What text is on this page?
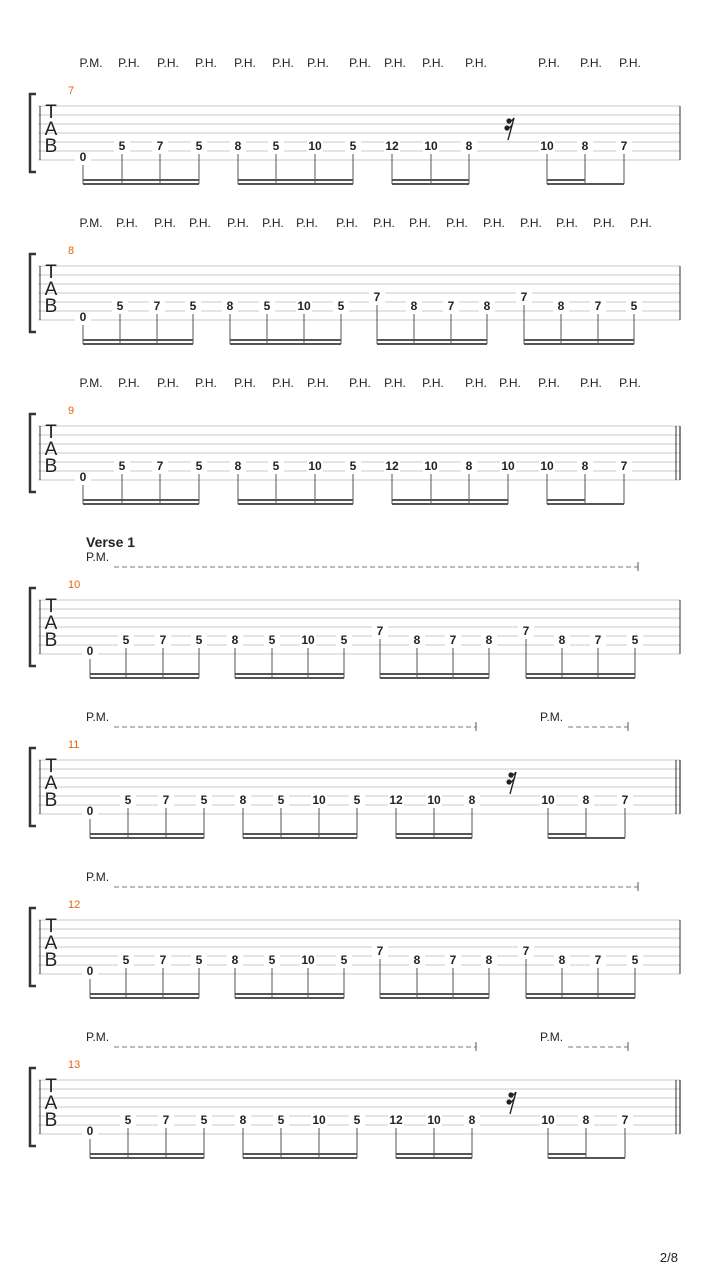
P.M. P.H. P.H. P.H. P.H. P.H. P.H. P.H. P.H. P.H. P.H.	P.H. P.H. P.H.
7
T
A
B 0
5	7	5	8	5 10 5 12 10 8	10 8	7
P.M. P.H. P.H. P.H. P.H. P.H. P.H. P.H. P.H. P.H. P.H. P.H. P.H. P.H. P.H. P.H.
8
T
A
B 0
5	7 5	8	5 10 5
7
8	7 8
7
8	7 5
P.M. P.H. P.H. P.H. P.H. P.H. P.H. P.H. P.H. P.H. P.H. P.H. P.H. P.H. P.H.
9
T
A
B 0
5	7	5	8	5 10 5 12 10 8 10 10 8	7
Verse 1
P.M.
10
T
A
B 0
5	7 5 8	5 10 5
7
8 7 8
7
8 7	5
P.M.	P.M.
11
T
A
B 0
5	7	5	8	5 10 5 12 10 8	10 8	7
P.M.
12
T
A
B 0
5	7 5 8	5 10 5
7
8 7 8
7
8 7	5
P.M.	P.M.
13
T
A
B 0
5	7	5	8	5 10 5 12 10 8	10 8	7
2/8
